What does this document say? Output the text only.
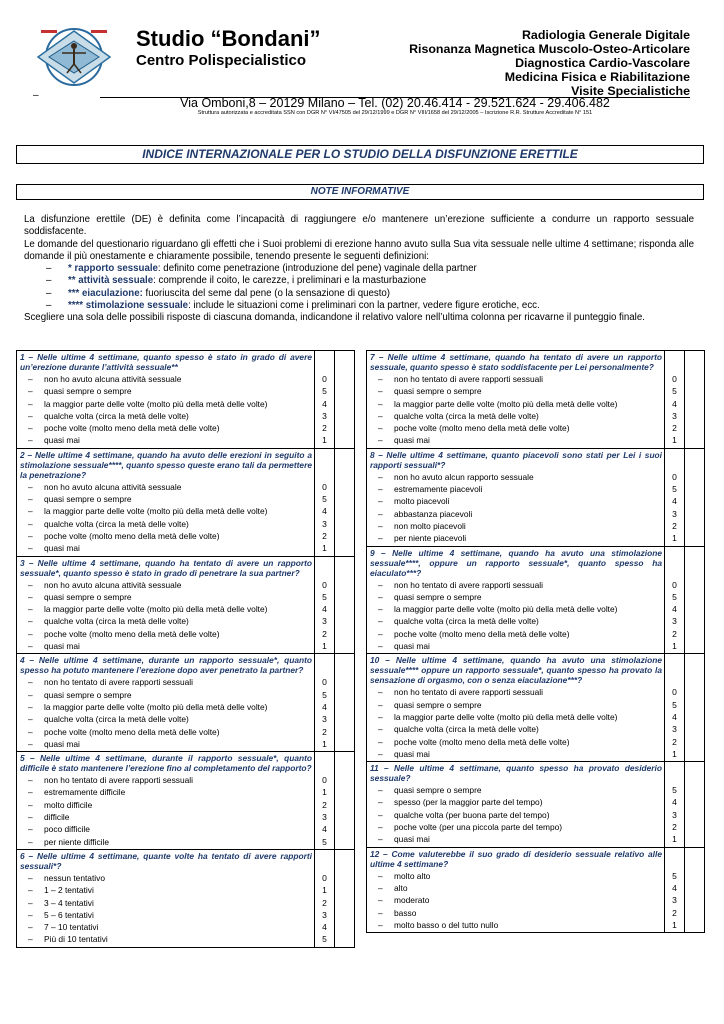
Studio “Bondani”
Centro Polispecialistico
Radiologia Generale Digitale
Risonanza Magnetica Muscolo-Osteo-Articolare
Diagnostica Cardio-Vascolare
Medicina Fisica e Riabilitazione
Visite Specialistiche
–
Via Omboni,8 – 20129 Milano – Tel. (02) 20.46.414 - 29.521.624 - 29.406.482
Struttura autorizzata e accreditata SSN con DGR N° VI/47505 del 29/12/1999 e DGR N° VIII/1658 del 29/12/2005 – Iscrizione R.R. Strutture Accreditate N° 151
INDICE INTERNAZIONALE PER LO STUDIO DELLA DISFUNZIONE ERETTILE
NOTE INFORMATIVE

La disfunzione erettile (DE) è definita come l’incapacità di raggiungere e/o mantenere un’erezione sufficiente a condurre un rapporto sessuale soddisfacente.

Le domande del questionario riguardano gli effetti che i Suoi problemi di erezione hanno avuto sulla Sua vita sessuale nelle ultime 4 settimane; risponda alle domande il più onestamente e chiaramente possibile, tenendo presente le seguenti definizioni:

– * rapporto sessuale: definito come penetrazione (introduzione del pene) vaginale della partner
– ** attività sessuale: comprende il coito, le carezze, i preliminari e la masturbazione
– *** eiaculazione: fuoriuscita del seme dal pene (o la sensazione di questo)
– **** stimolazione sessuale: include le situazioni come i preliminari con la partner, vedere figure erotiche, ecc.

Scegliere una sola delle possibili risposte di ciascuna domanda, indicandone il relativo valore nell’ultima colonna per ricavarne il punteggio finale.

1 – Nelle ultime 4 settimane, quanto spesso è stato in grado di avere un’erezione durante l’attività sessuale**
– non ho avuto alcuna attività sessuale
– quasi sempre o sempre
– la maggior parte delle volte (molto più della metà delle volte)
– qualche volta (circa la metà delle volte)
– poche volte (molto meno della metà delle volte)
– quasi mai
0
5
4
3
2
1
2 – Nelle ultime 4 settimane, quando ha avuto delle erezioni in seguito a stimolazione sessuale****, quanto spesso queste erano tali da permettere la penetrazione?
– non ho avuto alcuna attività sessuale
– quasi sempre o sempre
– la maggior parte delle volte (molto più della metà delle volte)
– qualche volta (circa la metà delle volte)
– poche volte (molto meno della metà delle volte)
– quasi mai
0
5
4
3
2
1
3 – Nelle ultime 4 settimane, quando ha tentato di avere un rapporto sessuale*, quanto spesso è stato in grado di penetrare la sua partner?
– non ho avuto alcuna attività sessuale
– quasi sempre o sempre
– la maggior parte delle volte (molto più della metà delle volte)
– qualche volta (circa la metà delle volte)
– poche volte (molto meno della metà delle volte)
– quasi mai
0
5
4
3
2
1
4 – Nelle ultime 4 settimane, durante un rapporto sessuale*, quanto spesso ha potuto mantenere l’erezione dopo aver penetrato la partner?
– non ho tentato di avere rapporti sessuali
– quasi sempre o sempre
– la maggior parte delle volte (molto più della metà delle volte)
– qualche volta (circa la metà delle volte)
– poche volte (molto meno della metà delle volte)
– quasi mai
0
5
4
3
2
1
5 – Nelle ultime 4 settimane, durante il rapporto sessuale*, quanto difficile è stato mantenere l’erezione fino al completamento del rapporto?
– non ho tentato di avere rapporti sessuali
– estremamente difficile
– molto difficile
– difficile
– poco difficile
– per niente difficile
0
1
2
3
4
5
6 – Nelle ultime 4 settimane, quante volte ha tentato di avere rapporti sessuali*?
– nessun tentativo
– 1 – 2 tentativi
– 3 – 4 tentativi
– 5 – 6 tentativi
– 7 – 10 tentativi
– Più di 10 tentativi
0
1
2
3
4
5
7 – Nelle ultime 4 settimane, quando ha tentato di avere un rapporto sessuale, quanto spesso è stato soddisfacente per Lei personalmente?
– non ho tentato di avere rapporti sessuali
– quasi sempre o sempre
– la maggior parte delle volte (molto più della metà delle volte)
– qualche volta (circa la metà delle volte)
– poche volte (molto meno della metà delle volte)
– quasi mai
0
5
4
3
2
1
8 – Nelle ultime 4 settimane, quanto piacevoli sono stati per Lei i suoi rapporti sessuali*?
– non ho avuto alcun rapporto sessuale
– estremamente piacevoli
– molto piacevoli
– abbastanza piacevoli
– non molto piacevoli
– per niente piacevoli
0
5
4
3
2
1
9 – Nelle ultime 4 settimane, quando ha avuto una stimolazione sessuale****, oppure un rapporto sessuale*, quanto spesso ha eiaculato***?
– non ho tentato di avere rapporti sessuali
– quasi sempre o sempre
– la maggior parte delle volte (molto più della metà delle volte)
– qualche volta (circa la metà delle volte)
– poche volte (molto meno della metà delle volte)
– quasi mai
0
5
4
3
2
1
10 – Nelle ultime 4 settimane, quando ha avuto una stimolazione sessuale**** oppure un rapporto sessuale*, quanto spesso ha provato la sensazione di orgasmo, con o senza eiaculazione***?
– non ho tentato di avere rapporti sessuali
– quasi sempre o sempre
– la maggior parte delle volte (molto più della metà delle volte)
– qualche volta (circa la metà delle volte)
– poche volte (molto meno della metà delle volte)
– quasi mai
0
5
4
3
2
1
11 – Nelle ultime 4 settimane, quanto spesso ha provato desiderio sessuale?
– quasi sempre o sempre
– spesso (per la maggior parte del tempo)
– qualche volta (per buona parte del tempo)
– poche volte (per una piccola parte del tempo)
– quasi mai
5
4
3
2
1
12 – Come valuterebbe il suo grado di desiderio sessuale relativo alle ultime 4 settimane?
– molto alto
– alto
– moderato
– basso
– molto basso o del tutto nullo
5
4
3
2
1
